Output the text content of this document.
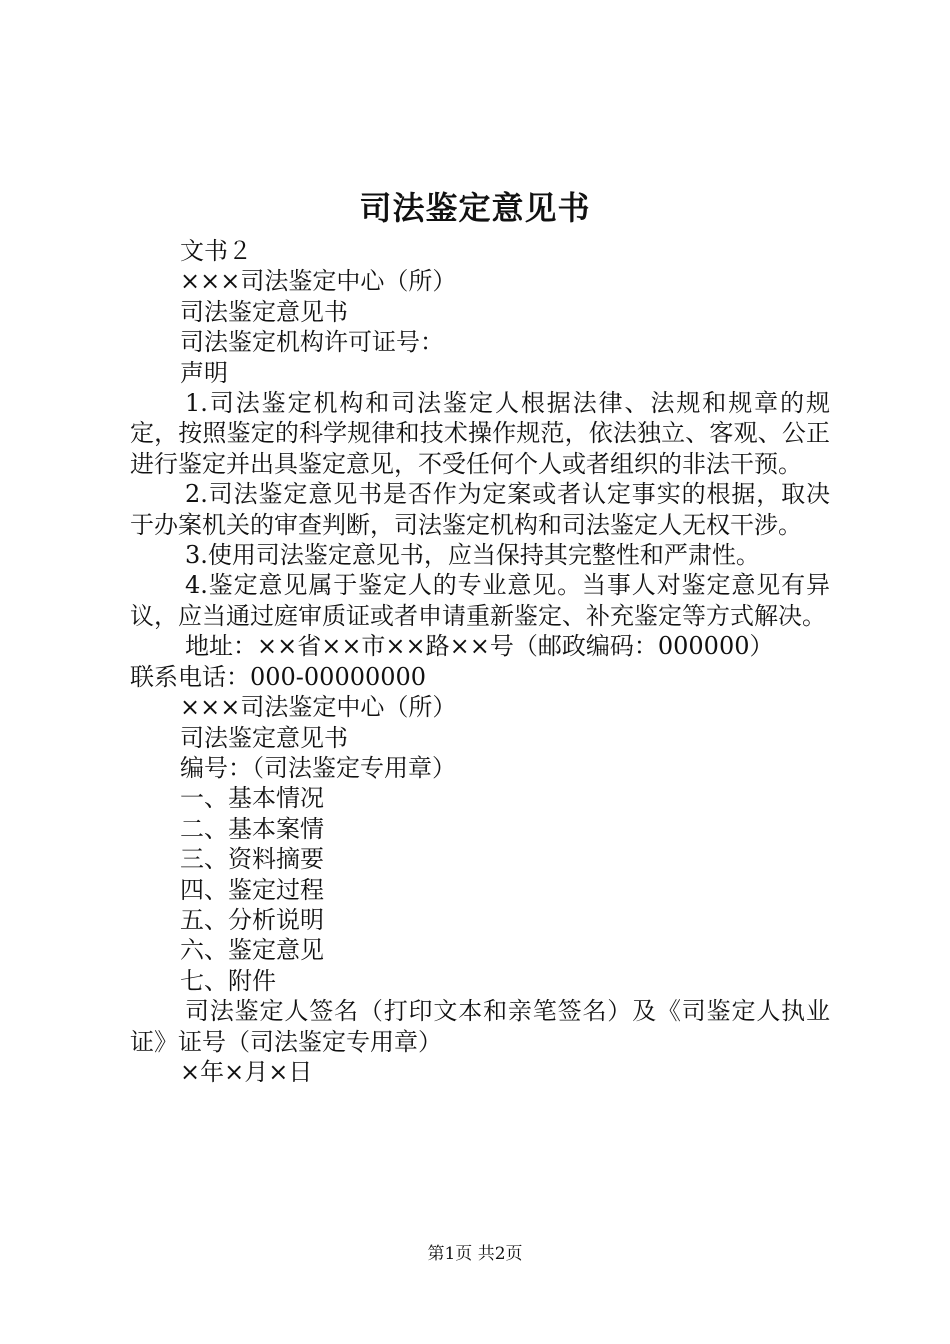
司法鉴定意见书

文书２

×××司法鉴定中心（所）

司法鉴定意见书

司法鉴定机构许可证号：

声明

1.司法鉴定机构和司法鉴定人根据法律、法规和规章的规定，按照鉴定的科学规律和技术操作规范，依法独立、客观、公正进行鉴定并出具鉴定意见，不受任何个人或者组织的非法干预。

2.司法鉴定意见书是否作为定案或者认定事实的根据，取决于办案机关的审查判断，司法鉴定机构和司法鉴定人无权干涉。

3.使用司法鉴定意见书，应当保持其完整性和严肃性。

4.鉴定意见属于鉴定人的专业意见。当事人对鉴定意见有异议，应当通过庭审质证或者申请重新鉴定、补充鉴定等方式解决。

地址：××省××市××路××号（邮政编码：000000）

联系电话：000-00000000

×××司法鉴定中心（所）

司法鉴定意见书

编号：（司法鉴定专用章）

一、基本情况

二、基本案情

三、资料摘要

四、鉴定过程

五、分析说明

六、鉴定意见

七、附件

司法鉴定人签名（打印文本和亲笔签名）及《司鉴定人执业证》证号（司法鉴定专用章）

×年×月×日

第1页 共2页
